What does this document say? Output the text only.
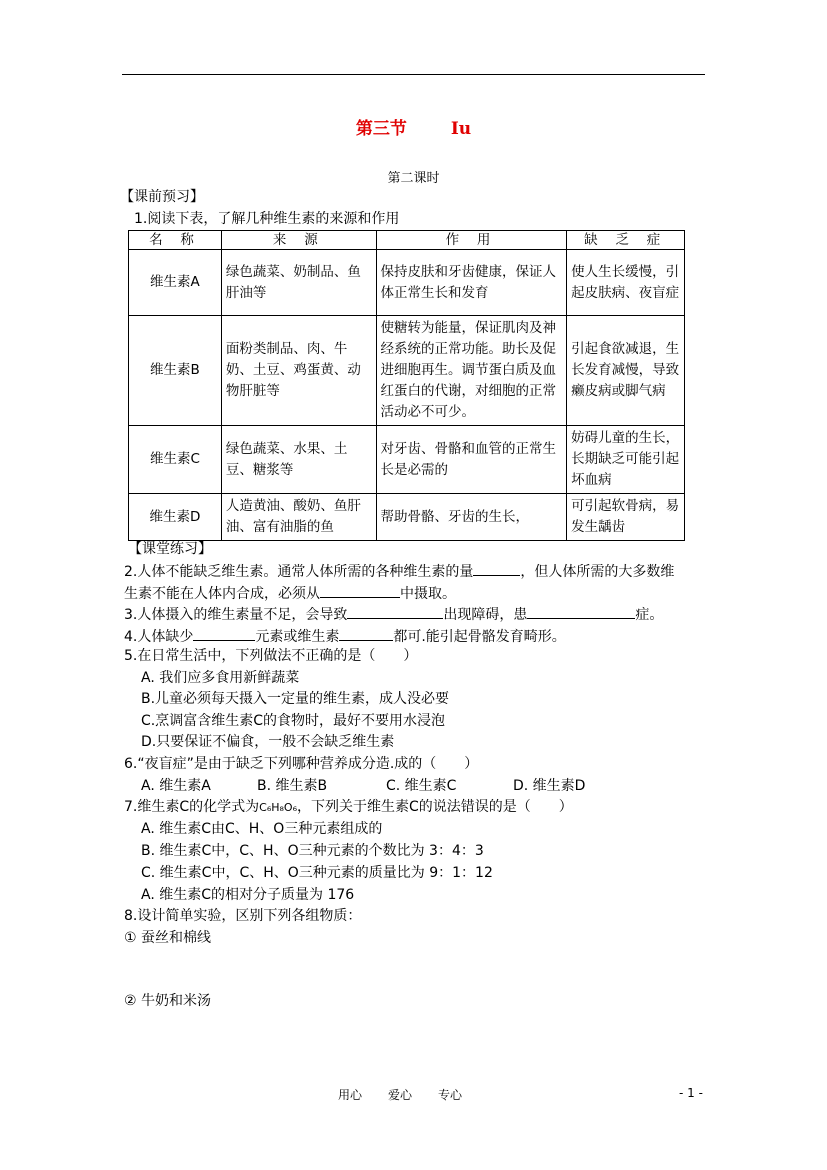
第三节	Iu
第二课时
【课前预习】
1.阅读下表，了解几种维生素的来源和作用
名 称	来 源	作 用	缺 乏 症
维生素A	绿色蔬菜、奶制品、鱼肝油等	保持皮肤和牙齿健康，保证人体正常生长和发育	使人生长缓慢，引起皮肤病、夜盲症
维生素B	面粉类制品、肉、牛奶、土豆、鸡蛋黄、动物肝脏等	使糖转为能量，保证肌肉及神经系统的正常功能。助长及促进细胞再生。调节蛋白质及血红蛋白的代谢，对细胞的正常活动必不可少。	引起食欲减退，生长发育减慢，导致癞皮病或脚气病
维生素C	绿色蔬菜、水果、土豆、糖浆等	对牙齿、骨骼和血管的正常生长是必需的	妨碍儿童的生长，长期缺乏可能引起坏血病
维生素D	人造黄油、酸奶、鱼肝油、富有油脂的鱼	帮助骨骼、牙齿的生长，	可引起软骨病，易发生龋齿
【课堂练习】
2.人体不能缺乏维生素。通常人体所需的各种维生素的量	，但人体所需的大多数维
生素不能在人体内合成，必须从	中摄取。
3.人体摄入的维生素量不足，会导致	出现障碍，患	症。
4.人体缺少	元素或维生素	都可.能引起骨骼发育畸形。
5.在日常生活中，下列做法不正确的是（　　）
A. 我们应多食用新鲜蔬菜
B.儿童必须每天摄入一定量的维生素，成人没必要
C.烹调富含维生素C的食物时，最好不要用水浸泡
D.只要保证不偏食，一般不会缺乏维生素
6.“夜盲症”是由于缺乏下列哪种营养成分造.成的（　　）
A. 维生素A	B. 维生素B	C. 维生素C	D. 维生素D
7.维生素C的化学式为C₆H₈O₆，下列关于维生素C的说法错误的是（　　）
A. 维生素C由C、H、O三种元素组成的
B. 维生素C中，C、H、O三种元素的个数比为 3：4：3
C. 维生素C中，C、H、O三种元素的质量比为 9：1：12
A. 维生素C的相对分子质量为 176
8.设计简单实验，区别下列各组物质：
① 蚕丝和棉线
② 牛奶和米汤
用心 爱心 专心	- 1 -
